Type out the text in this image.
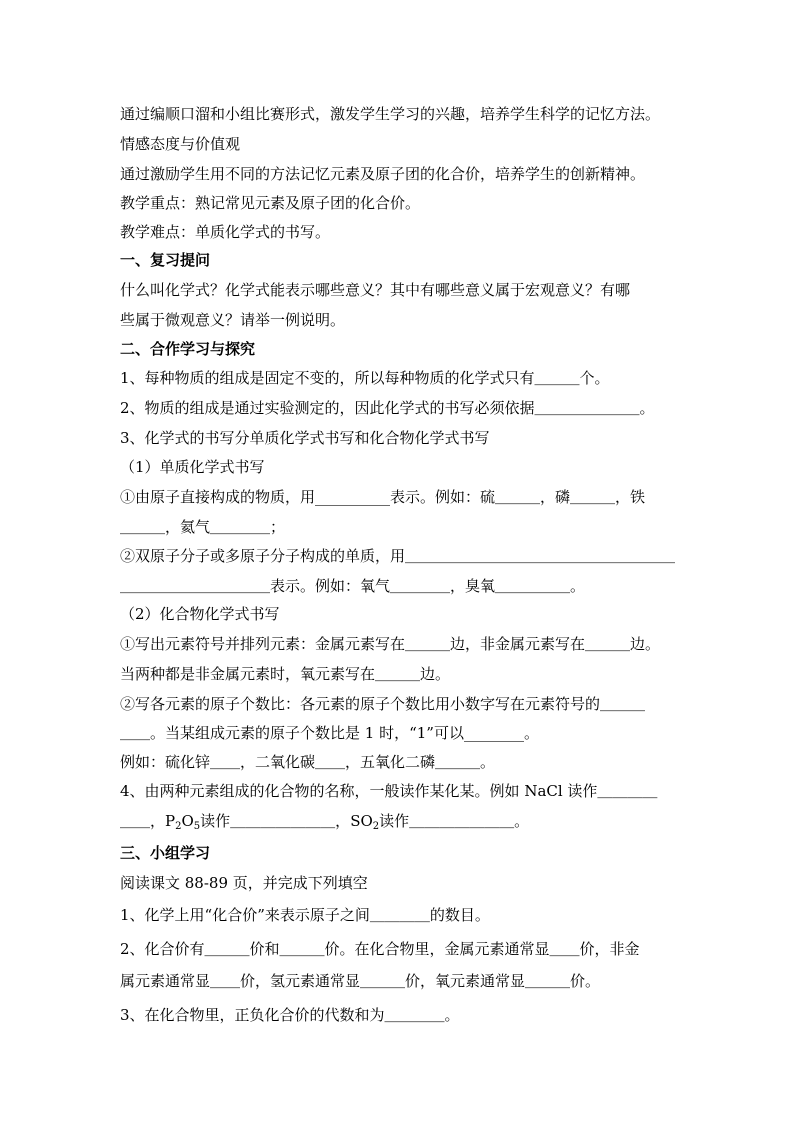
通过编顺口溜和小组比赛形式，激发学生学习的兴趣，培养学生科学的记忆方法。
情感态度与价值观
通过激励学生用不同的方法记忆元素及原子团的化合价，培养学生的创新精神。
教学重点：熟记常见元素及原子团的化合价。
教学难点：单质化学式的书写。
一、复习提问
什么叫化学式？化学式能表示哪些意义？其中有哪些意义属于宏观意义？有哪
些属于微观意义？请举一例说明。
二、合作学习与探究
1、每种物质的组成是固定不变的，所以每种物质的化学式只有＿＿＿个。
2、物质的组成是通过实验测定的，因此化学式的书写必须依据＿＿＿＿＿＿＿。
3、化学式的书写分单质化学式书写和化合物化学式书写
（1）单质化学式书写
①由原子直接构成的物质，用__________表示。例如：硫＿＿＿，磷＿＿＿，铁
＿＿＿，氦气＿＿＿＿；
②双原子分子或多原子分子构成的单质，用＿＿＿＿＿＿＿＿＿＿＿＿＿＿＿＿＿＿
＿＿＿＿＿＿＿＿＿＿表示。例如：氧气＿＿＿＿，臭氧＿＿＿＿＿。
（2）化合物化学式书写
①写出元素符号并排列元素：金属元素写在＿＿＿边，非金属元素写在＿＿＿边。
当两种都是非金属元素时，氧元素写在＿＿＿边。
②写各元素的原子个数比：各元素的原子个数比用小数字写在元素符号的＿＿＿
＿＿。当某组成元素的原子个数比是 1 时，“1”可以________。
例如：硫化锌＿＿，二氧化碳＿＿，五氧化二磷＿＿＿。
4、由两种元素组成的化合物的名称，一般读作某化某。例如 NaCl 读作＿＿＿＿
＿＿，$P_2O_5$读作＿＿＿＿＿＿＿，$SO_2$读作＿＿＿＿＿＿＿。
三、小组学习
阅读课文 88-89 页，并完成下列填空
1、化学上用“化合价”来表示原子之间＿＿＿＿的数目。
2、化合价有＿＿＿价和＿＿＿价。在化合物里，金属元素通常显＿＿价，非金
属元素通常显＿＿价，氢元素通常显＿＿＿价，氧元素通常显＿＿＿价。
3、在化合物里，正负化合价的代数和为＿＿＿＿。
